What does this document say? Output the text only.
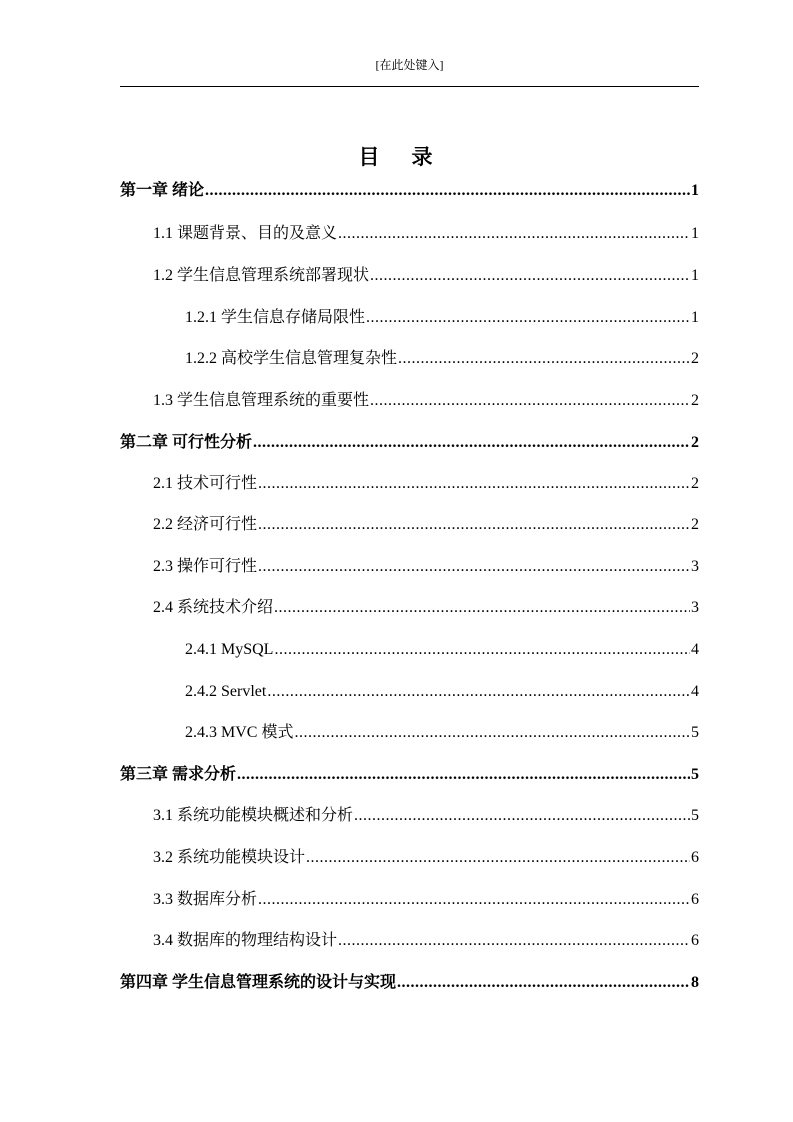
[在此处键入]
目 录
第一章 绪论 .....	1
1.1 课题背景、目的及意义 .....	1
1.2 学生信息管理系统部署现状 .....	1
1.2.1 学生信息存储局限性 .....	1
1.2.2 高校学生信息管理复杂性 .....	2
1.3 学生信息管理系统的重要性 .....	2
第二章 可行性分析 .....	2
2.1 技术可行性 .....	2
2.2 经济可行性 .....	2
2.3 操作可行性 .....	3
2.4 系统技术介绍 .....	3
2.4.1 MySQL .....	4
2.4.2 Servlet .....	4
2.4.3 MVC 模式 .....	5
第三章 需求分析 .....	5
3.1 系统功能模块概述和分析 .....	5
3.2 系统功能模块设计 .....	6
3.3 数据库分析 .....	6
3.4 数据库的物理结构设计 .....	6
第四章 学生信息管理系统的设计与实现 .....	8
